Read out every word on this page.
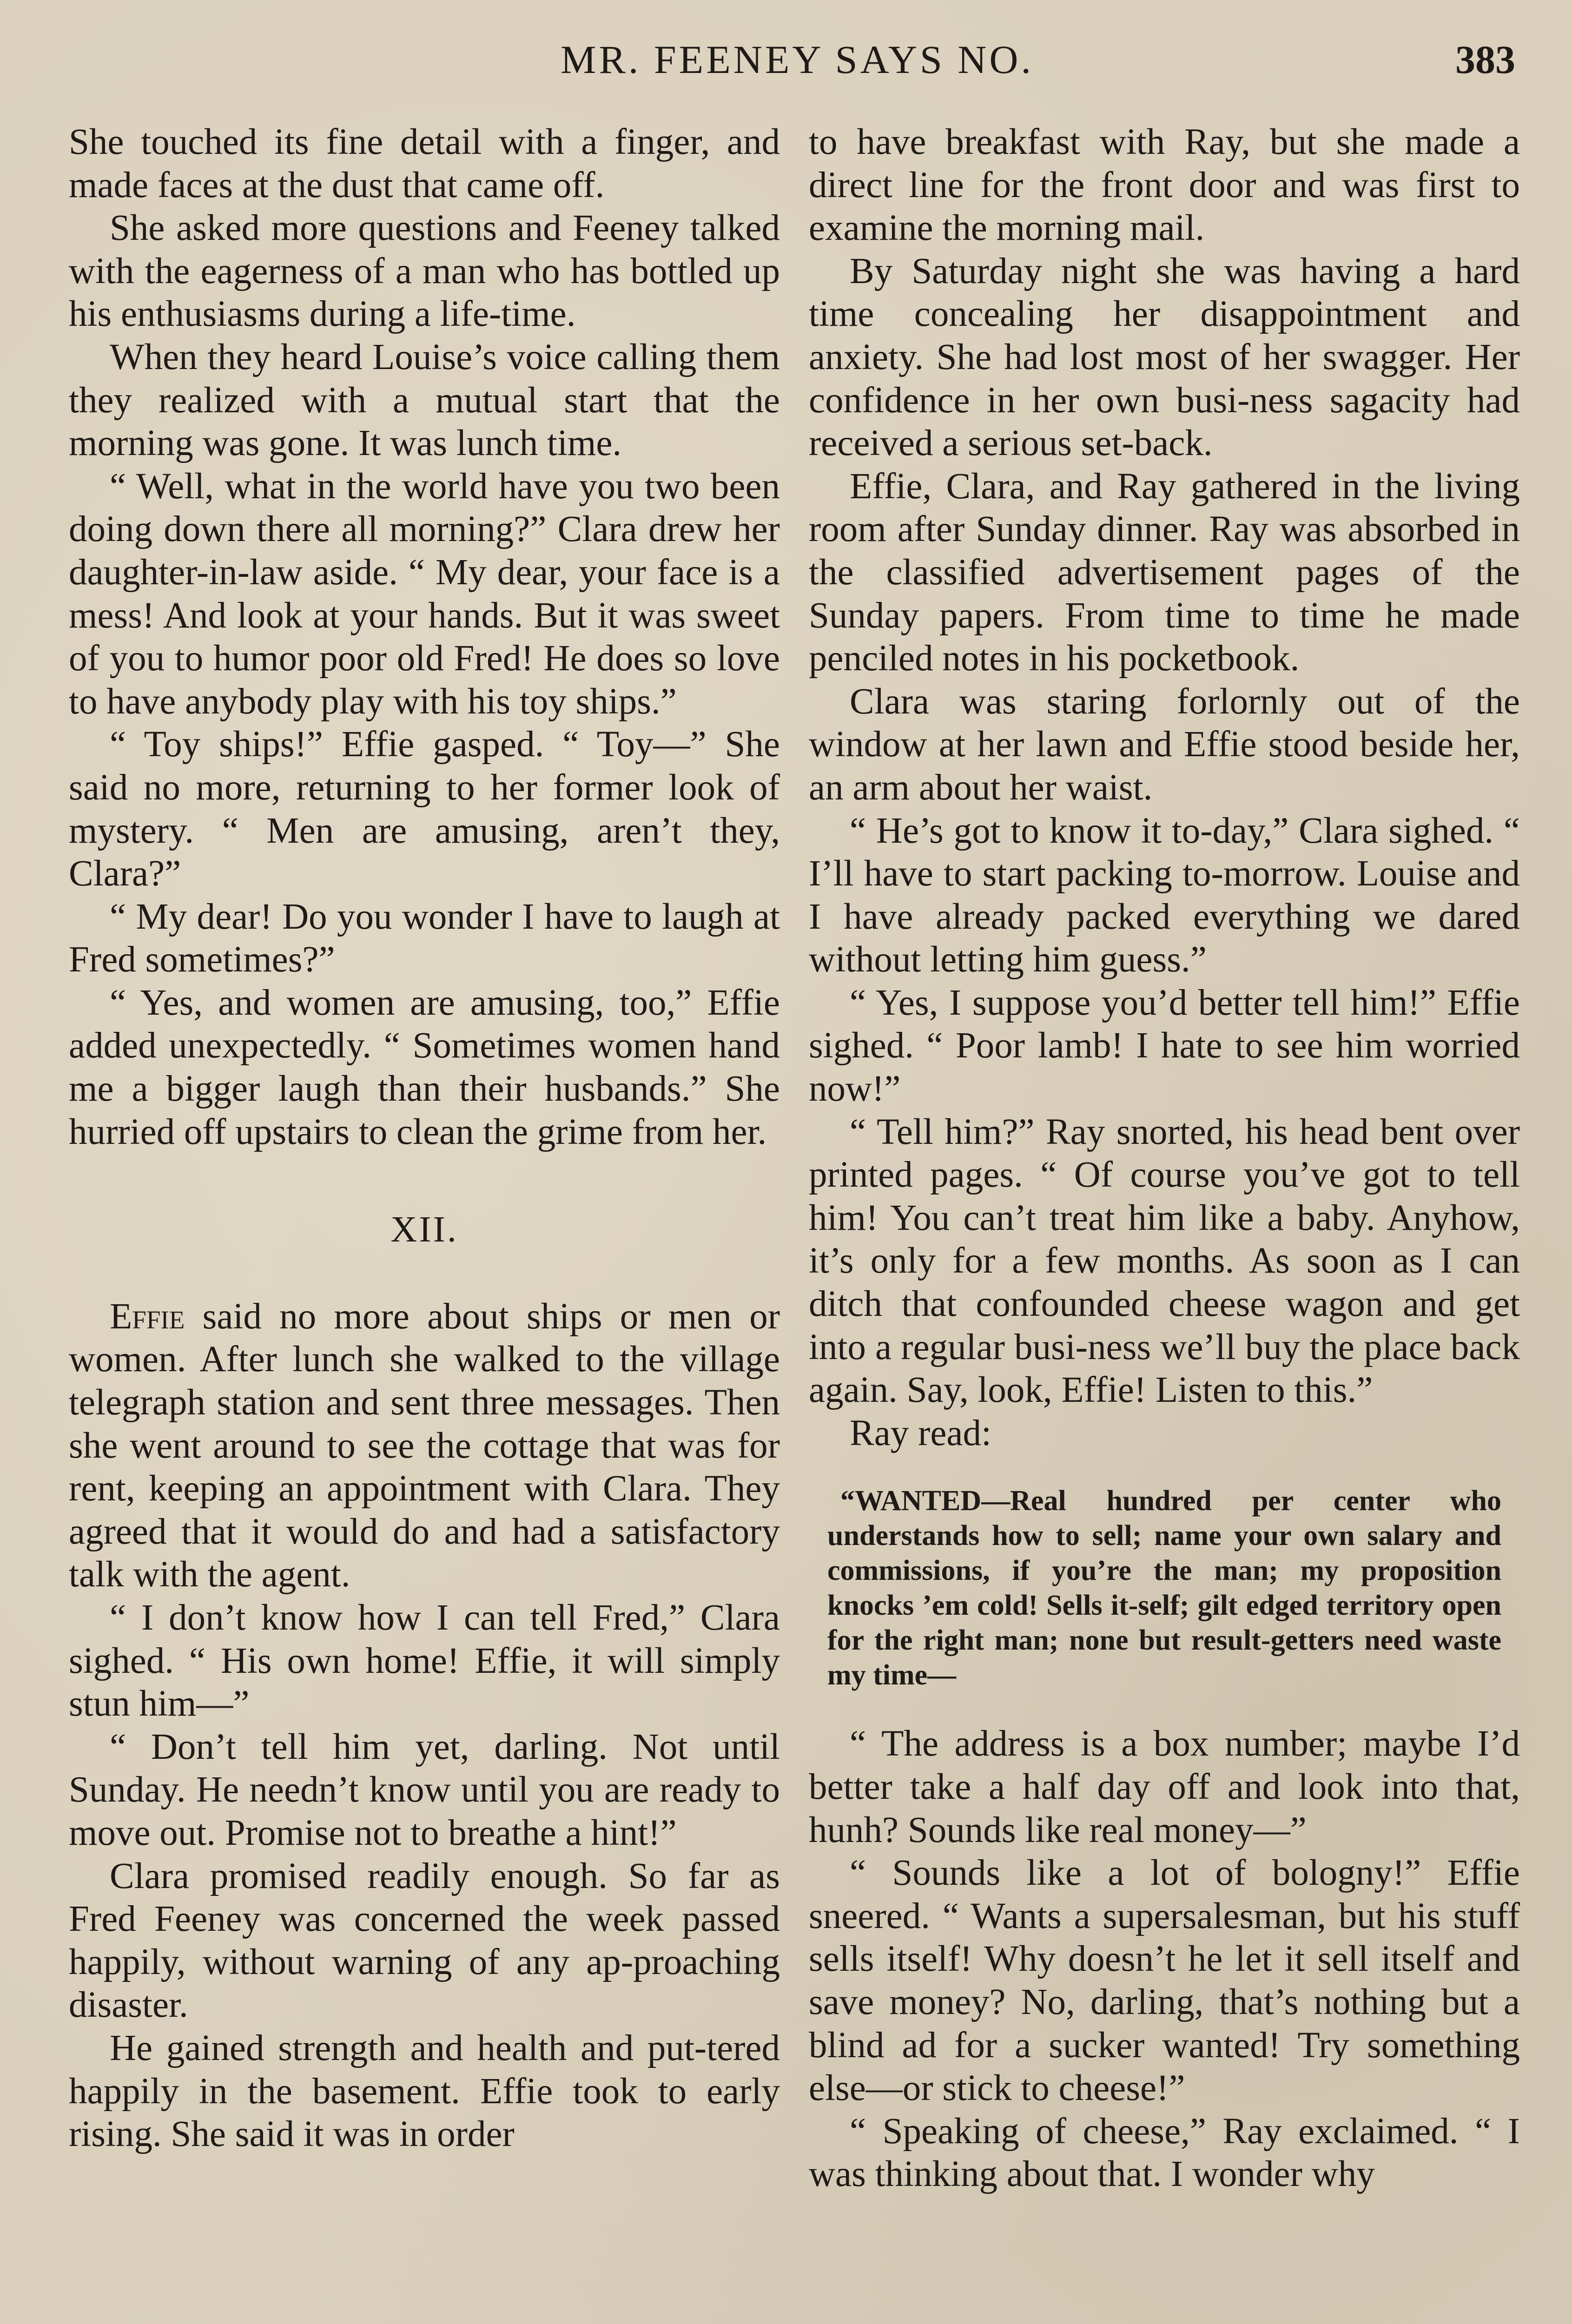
MR. FEENEY SAYS NO.	383

She touched its fine detail with a finger, and made faces at the dust that came off.

She asked more questions and Feeney talked with the eagerness of a man who has bottled up his enthusiasms during a life-time.

When they heard Louise’s voice calling them they realized with a mutual start that the morning was gone. It was lunch time.

“ Well, what in the world have you two been doing down there all morning?” Clara drew her daughter-in-law aside. “ My dear, your face is a mess! And look at your hands. But it was sweet of you to humor poor old Fred! He does so love to have anybody play with his toy ships.”

“ Toy ships!” Effie gasped. “ Toy—” She said no more, returning to her former look of mystery. “ Men are amusing, aren’t they, Clara?”

“ My dear! Do you wonder I have to laugh at Fred sometimes?”

“ Yes, and women are amusing, too,” Effie added unexpectedly. “ Sometimes women hand me a bigger laugh than their husbands.” She hurried off upstairs to clean the grime from her.

XII.

Effie said no more about ships or men or women. After lunch she walked to the village telegraph station and sent three messages. Then she went around to see the cottage that was for rent, keeping an appointment with Clara. They agreed that it would do and had a satisfactory talk with the agent.

“ I don’t know how I can tell Fred,” Clara sighed. “ His own home! Effie, it will simply stun him—”

“ Don’t tell him yet, darling. Not until Sunday. He needn’t know until you are ready to move out. Promise not to breathe a hint!”

Clara promised readily enough. So far as Fred Feeney was concerned the week passed happily, without warning of any ap-proaching disaster.

He gained strength and health and put-tered happily in the basement. Effie took to early rising. She said it was in order

to have breakfast with Ray, but she made a direct line for the front door and was first to examine the morning mail.

By Saturday night she was having a hard time concealing her disappointment and anxiety. She had lost most of her swagger. Her confidence in her own busi-ness sagacity had received a serious set-back.

Effie, Clara, and Ray gathered in the living room after Sunday dinner. Ray was absorbed in the classified advertisement pages of the Sunday papers. From time to time he made penciled notes in his pocketbook.

Clara was staring forlornly out of the window at her lawn and Effie stood beside her, an arm about her waist.

“ He’s got to know it to-day,” Clara sighed. “ I’ll have to start packing to-morrow. Louise and I have already packed everything we dared without letting him guess.”

“ Yes, I suppose you’d better tell him!” Effie sighed. “ Poor lamb! I hate to see him worried now!”

“ Tell him?” Ray snorted, his head bent over printed pages. “ Of course you’ve got to tell him! You can’t treat him like a baby. Anyhow, it’s only for a few months. As soon as I can ditch that confounded cheese wagon and get into a regular busi-ness we’ll buy the place back again. Say, look, Effie! Listen to this.”

Ray read:

“WANTED—Real hundred per center who understands how to sell; name your own salary and commissions, if you’re the man; my proposition knocks ’em cold! Sells it-self; gilt edged territory open for the right man; none but result-getters need waste my time—

“ The address is a box number; maybe I’d better take a half day off and look into that, hunh? Sounds like real money—”

“ Sounds like a lot of bologny!” Effie sneered. “ Wants a supersalesman, but his stuff sells itself! Why doesn’t he let it sell itself and save money? No, darling, that’s nothing but a blind ad for a sucker wanted! Try something else—or stick to cheese!”

“ Speaking of cheese,” Ray exclaimed. “ I was thinking about that. I wonder why
